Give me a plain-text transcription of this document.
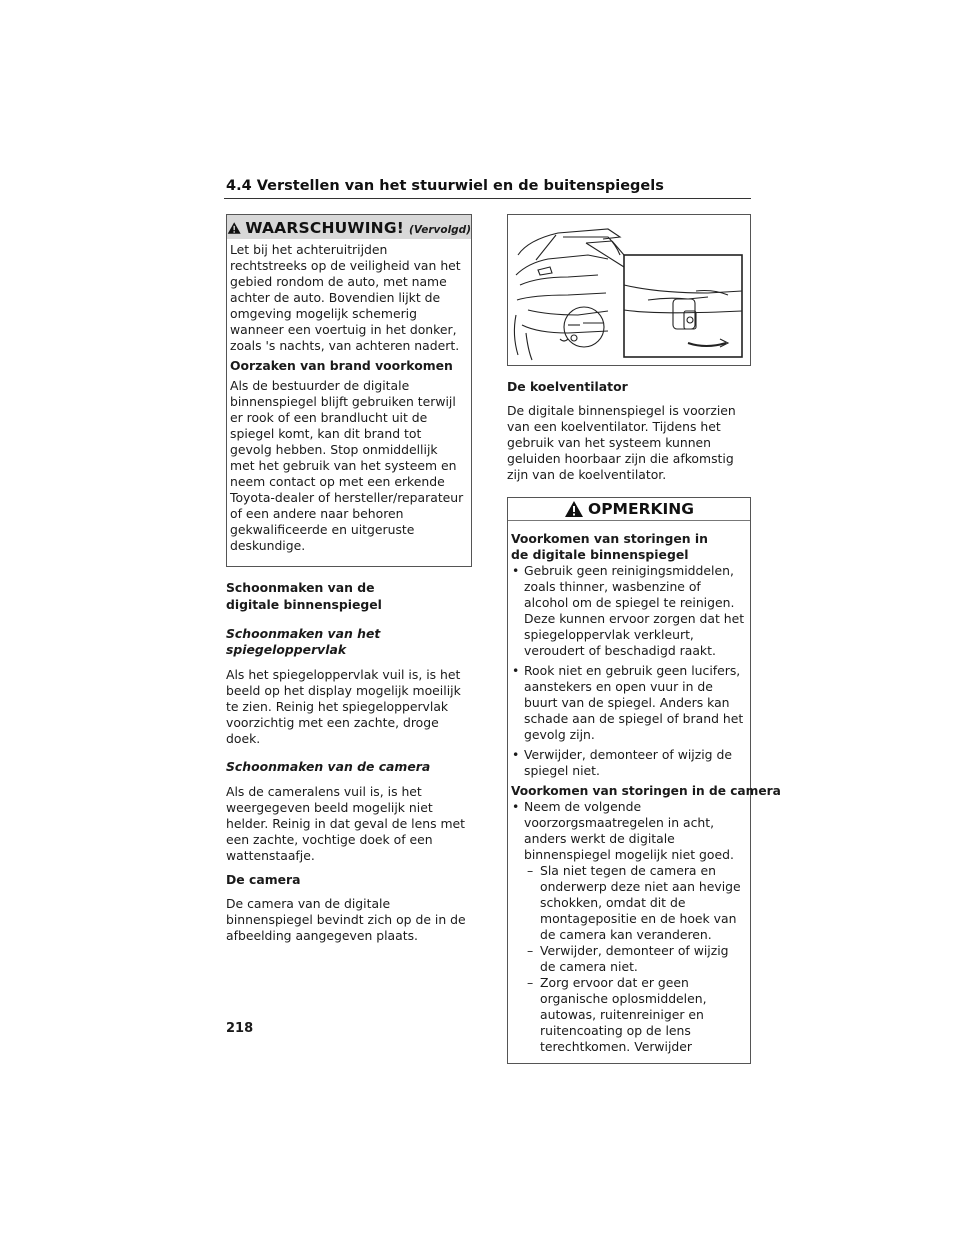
4.4 Verstellen van het stuurwiel en de buitenspiegels
WAARSCHUWING! (Vervolgd)

Let bij het achteruitrijden rechtstreeks op de veiligheid van het gebied rondom de auto, met name achter de auto. Bovendien lijkt de omgeving mogelijk schemerig wanneer een voertuig in het donker, zoals 's nachts, van achteren nadert.

Oorzaken van brand voorkomen

Als de bestuurder de digitale binnenspiegel blijft gebruiken terwijl er rook of een brandlucht uit de spiegel komt, kan dit brand tot gevolg hebben. Stop onmiddellijk met het gebruik van het systeem en neem contact op met een erkende Toyota-dealer of hersteller/reparateur of een andere naar behoren gekwalificeerde en uitgeruste deskundige.

Schoonmaken van de digitale binnenspiegel

Schoonmaken van het spiegeloppervlak

Als het spiegeloppervlak vuil is, is het beeld op het display mogelijk moeilijk te zien. Reinig het spiegeloppervlak voorzichtig met een zachte, droge doek.

Schoonmaken van de camera

Als de cameralens vuil is, is het weergegeven beeld mogelijk niet helder. Reinig in dat geval de lens met een zachte, vochtige doek of een wattenstaafje.

De camera

De camera van de digitale binnenspiegel bevindt zich op de in de afbeelding aangegeven plaats.

De koelventilator

De digitale binnenspiegel is voorzien van een koelventilator. Tijdens het gebruik van het systeem kunnen geluiden hoorbaar zijn die afkomstig zijn van de koelventilator.

OPMERKING

Voorkomen van storingen in de digitale binnenspiegel

• Gebruik geen reinigingsmiddelen, zoals thinner, wasbenzine of alcohol om de spiegel te reinigen. Deze kunnen ervoor zorgen dat het spiegeloppervlak verkleurt, veroudert of beschadigd raakt.
• Rook niet en gebruik geen lucifers, aanstekers en open vuur in de buurt van de spiegel. Anders kan schade aan de spiegel of brand het gevolg zijn.
• Verwijder, demonteer of wijzig de spiegel niet.

Voorkomen van storingen in de camera

• Neem de volgende voorzorgsmaatregelen in acht, anders werkt de digitale binnenspiegel mogelijk niet goed.
– Sla niet tegen de camera en onderwerp deze niet aan hevige schokken, omdat dit de montagepositie en de hoek van de camera kan veranderen.
– Verwijder, demonteer of wijzig de camera niet.
– Zorg ervoor dat er geen organische oplosmiddelen, autowas, ruitenreiniger en ruitencoating op de lens terechtkomen. Verwijder
218
